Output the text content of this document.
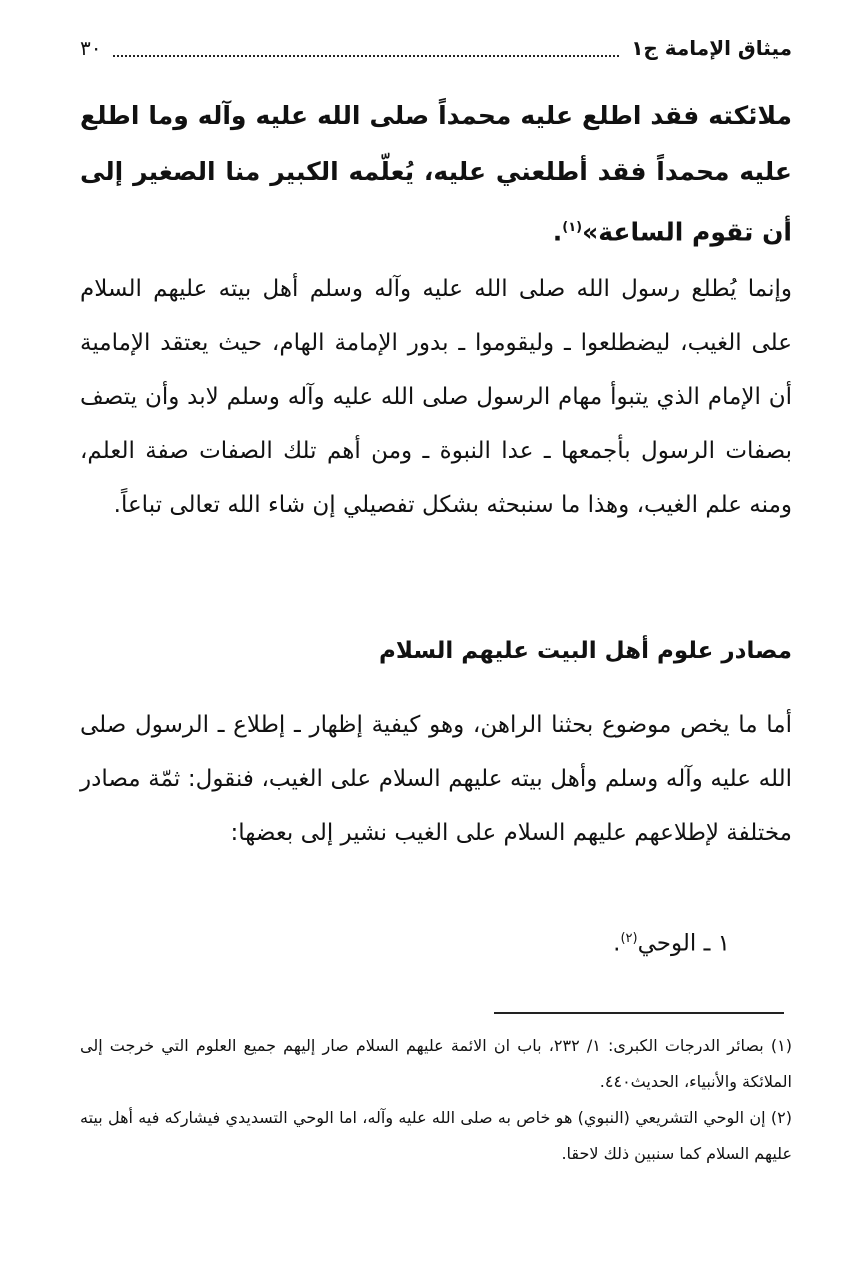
ميثاق الإمامة ج١
٣٠
ملائكته فقد اطلع عليه محمداً صلى الله عليه وآله وما اطلع عليه محمداً فقد أطلعني عليه، يُعلّمه الكبير منا الصغير إلى أن تقوم الساعة»$^{(١)}$.
وإنما يُطلع رسول الله صلى الله عليه وآله وسلم أهل بيته عليهم السلام على الغيب، ليضطلعوا ـ وليقوموا ـ بدور الإمامة الهام، حيث يعتقد الإمامية أن الإمام الذي يتبوأ مهام الرسول صلى الله عليه وآله وسلم لابد وأن يتصف بصفات الرسول بأجمعها ـ عدا النبوة ـ ومن أهم تلك الصفات صفة العلم، ومنه علم الغيب، وهذا ما سنبحثه بشكل تفصيلي إن شاء الله تعالى تباعاً.
مصادر علوم أهل البيت عليهم السلام
أما ما يخص موضوع بحثنا الراهن، وهو كيفية إظهار ـ إطلاع ـ الرسول صلى الله عليه وآله وسلم وأهل بيته عليهم السلام على الغيب، فنقول: ثمّة مصادر مختلفة لإطلاعهم عليهم السلام على الغيب نشير إلى بعضها:
١ ـ الوحي$^{(٢)}$.
(١) بصائر الدرجات الكبرى: ١/ ٢٣٢، باب ان الائمة عليهم السلام صار إليهم جميع العلوم التي خرجت إلى الملائكة والأنبياء، الحديث٤٤٠.
(٢) إن الوحي التشريعي (النبوي) هو خاص به صلى الله عليه وآله، اما الوحي التسديدي فيشاركه فيه أهل بيته عليهم السلام كما سنبين ذلك لاحقا.
